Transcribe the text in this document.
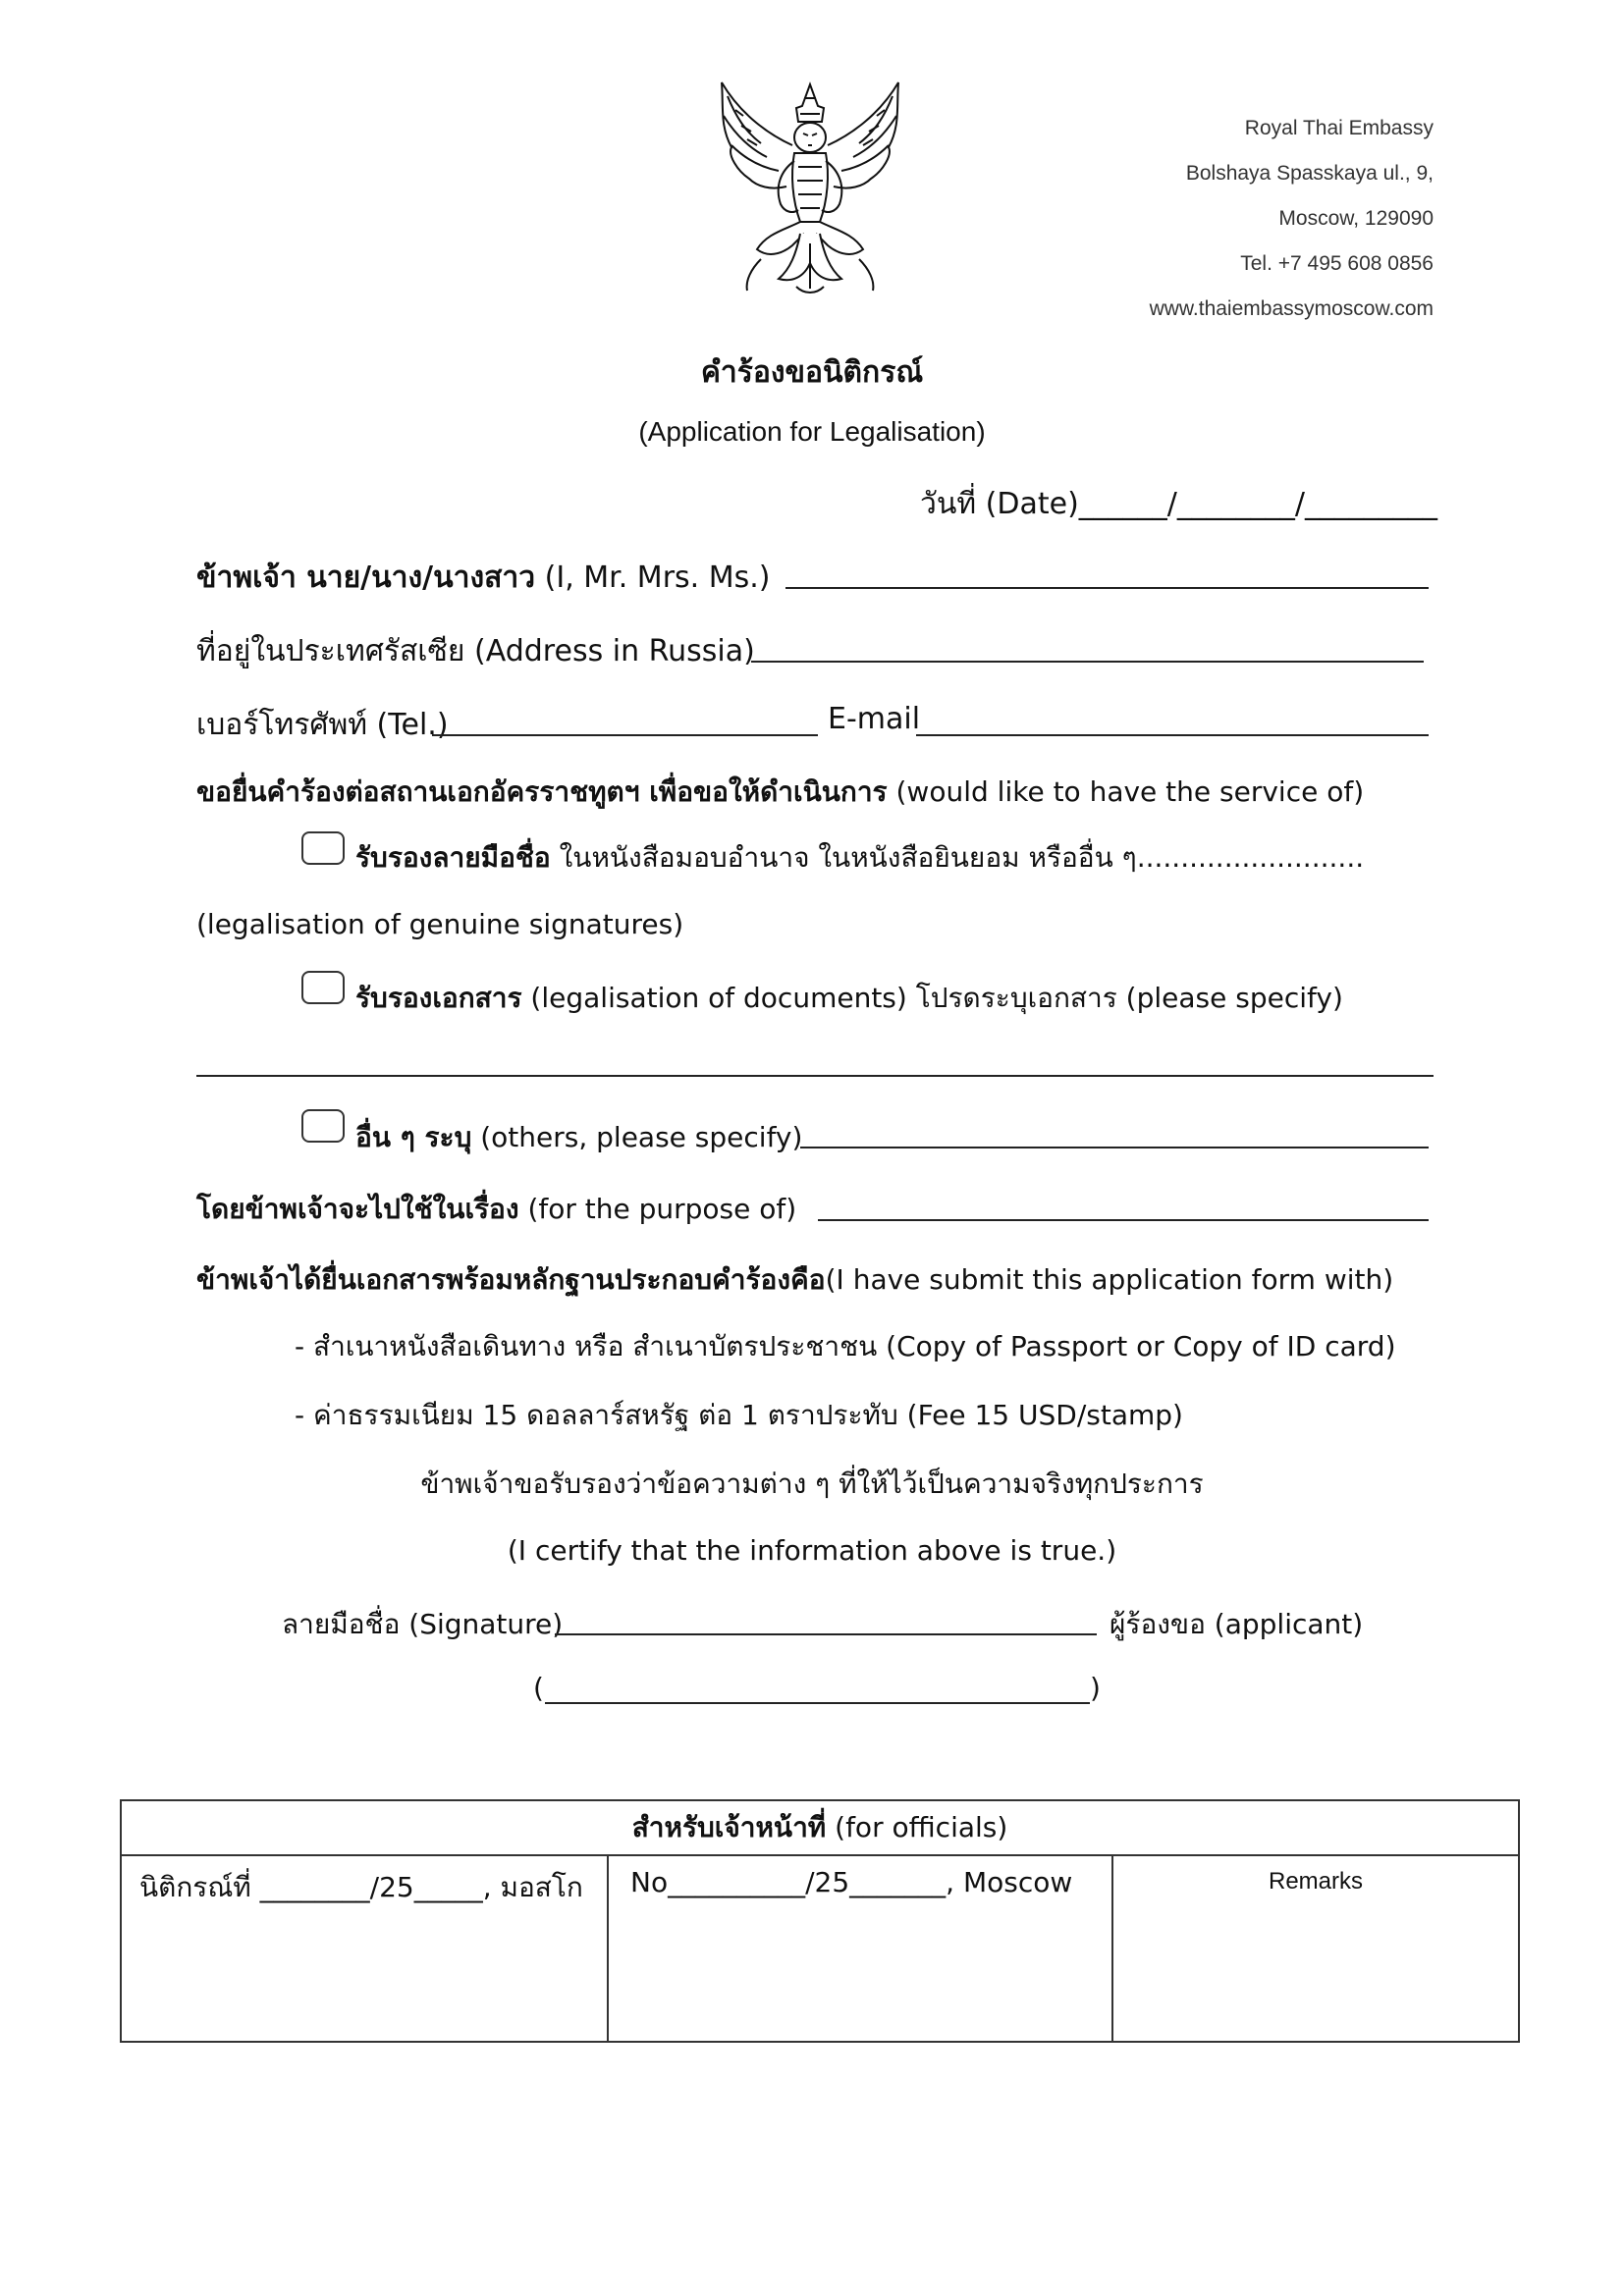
Royal Thai Embassy
Bolshaya Spasskaya ul., 9,
Moscow, 129090
Tel. +7 495 608 0856
www.thaiembassymoscow.com
คำร้องขอนิติกรณ์
(Application for Legalisation)
วันที่ (Date)______/________/_________
ข้าพเจ้า นาย/นาง/นางสาว (I, Mr. Mrs. Ms.)
ที่อยู่ในประเทศรัสเซีย (Address in Russia)
เบอร์โทรศัพท์ (Tel.)	E-mail
ขอยื่นคำร้องต่อสถานเอกอัครราชทูตฯ เพื่อขอให้ดำเนินการ (would like to have the service of)
รับรองลายมือชื่อ ในหนังสือมอบอำนาจ ในหนังสือยินยอม หรืออื่น ๆ..........................
(legalisation of genuine signatures)
รับรองเอกสาร (legalisation of documents) โปรดระบุเอกสาร (please specify)
อื่น ๆ ระบุ (others, please specify)
โดยข้าพเจ้าจะไปใช้ในเรื่อง (for the purpose of)
ข้าพเจ้าได้ยื่นเอกสารพร้อมหลักฐานประกอบคำร้องคือ(I have submit this application form with)
- สำเนาหนังสือเดินทาง หรือ สำเนาบัตรประชาชน (Copy of Passport or Copy of ID card)
- ค่าธรรมเนียม 15 ดอลลาร์สหรัฐ ต่อ 1 ตราประทับ (Fee 15 USD/stamp)
ข้าพเจ้าขอรับรองว่าข้อความต่าง ๆ ที่ให้ไว้เป็นความจริงทุกประการ
(I certify that the information above is true.)
ลายมือชื่อ (Signature)	ผู้ร้องขอ (applicant)
(	)
สำหรับเจ้าหน้าที่ (for officials)

นิติกรณ์ที่ ________/25_____, มอสโก	No__________/25_______, Moscow	Remarks
